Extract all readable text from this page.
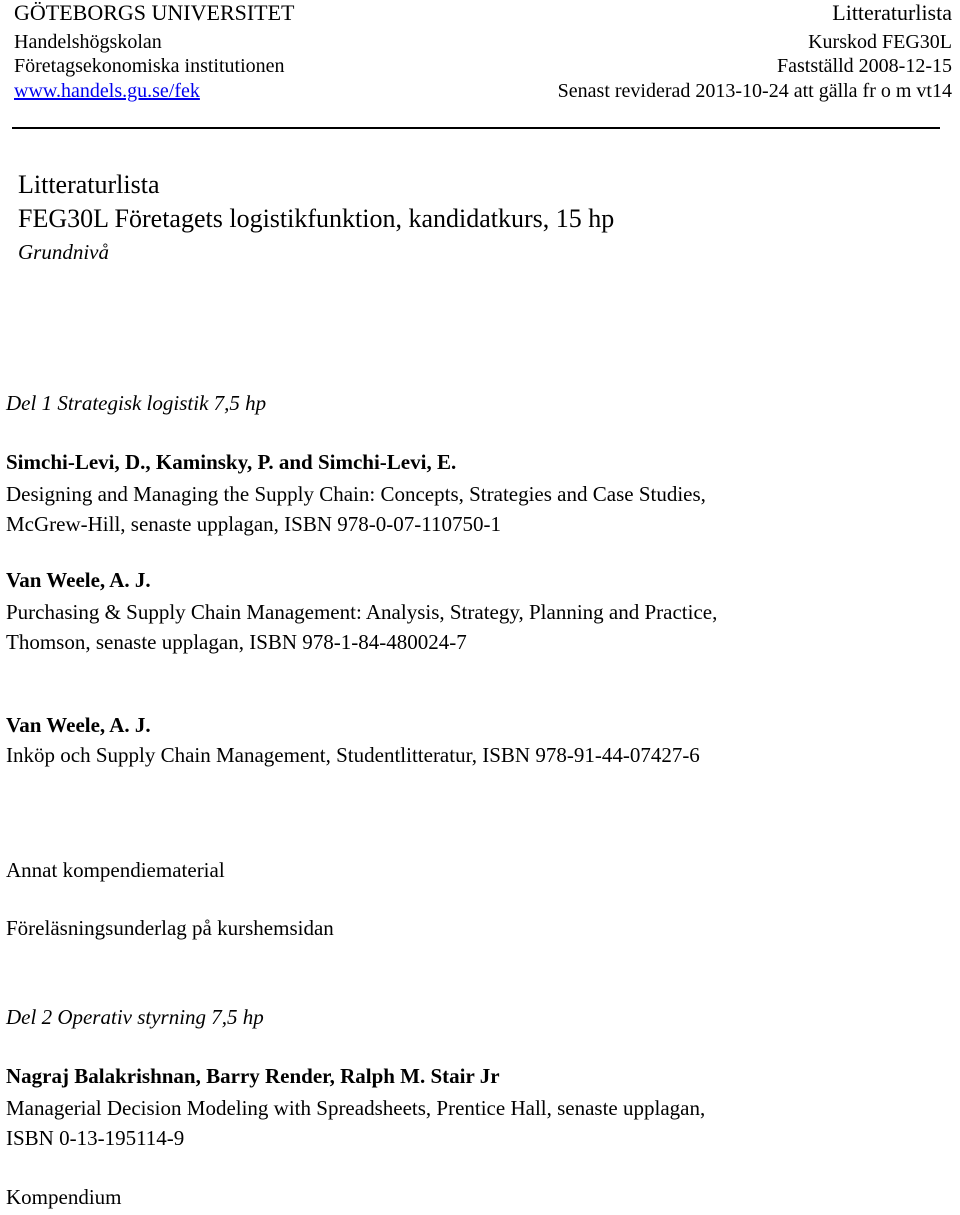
GÖTEBORGS UNIVERSITET
Handelshögskolan
Företagsekonomiska institutionen
www.handels.gu.se/fek
Litteraturlista
Kurskod FEG30L
Fastställd 2008-12-15
Senast reviderad 2013-10-24 att gälla fr o m vt14
Litteraturlista
FEG30L Företagets logistikfunktion, kandidatkurs, 15 hp
Grundnivå
Del 1 Strategisk logistik 7,5 hp
Simchi-Levi, D., Kaminsky, P. and Simchi-Levi, E.
Designing and Managing the Supply Chain: Concepts, Strategies and Case Studies,
McGrew-Hill, senaste upplagan, ISBN 978-0-07-110750-1
Van Weele, A. J.
Purchasing & Supply Chain Management: Analysis, Strategy, Planning and Practice,
Thomson, senaste upplagan, ISBN 978-1-84-480024-7
Van Weele, A. J.
Inköp och Supply Chain Management, Studentlitteratur, ISBN 978-91-44-07427-6
Annat kompendiematerial
Föreläsningsunderlag på kurshemsidan
Del 2 Operativ styrning 7,5 hp
Nagraj Balakrishnan, Barry Render, Ralph M. Stair Jr
Managerial Decision Modeling with Spreadsheets, Prentice Hall, senaste upplagan,
ISBN 0-13-195114-9
Kompendium
